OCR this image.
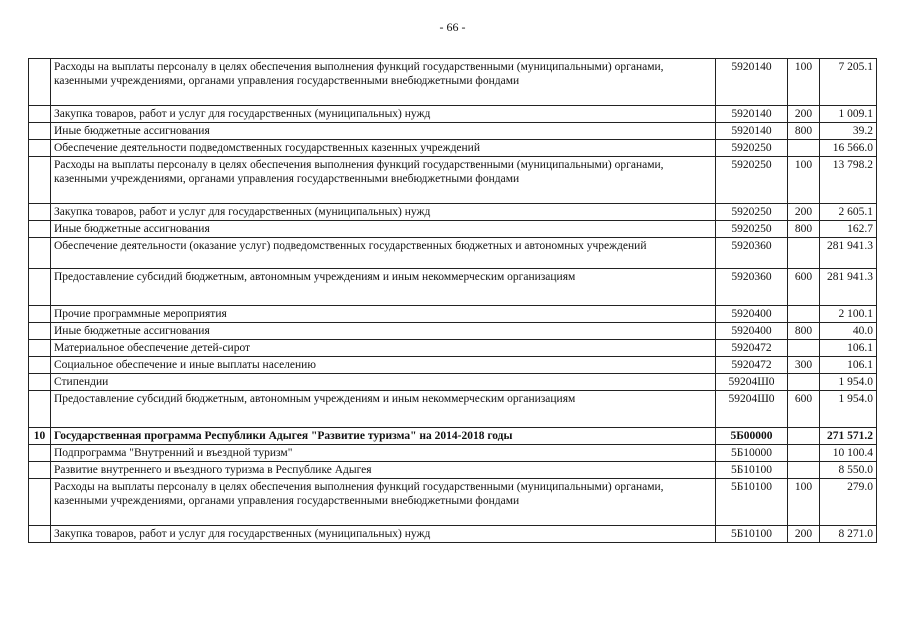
- 66 -
	Расходы на выплаты персоналу в целях обеспечения выполнения функций государственными (муниципальными) органами, казенными учреждениями, органами управления государственными внебюджетными фондами	5920140	100	7 205.1
	Закупка товаров, работ и услуг для государственных (муниципальных) нужд	5920140	200	1 009.1
	Иные бюджетные ассигнования	5920140	800	39.2
	Обеспечение деятельности подведомственных государственных казенных учреждений	5920250		16 566.0
	Расходы на выплаты персоналу в целях обеспечения выполнения функций государственными (муниципальными) органами, казенными учреждениями, органами управления государственными внебюджетными фондами	5920250	100	13 798.2
	Закупка товаров, работ и услуг для государственных (муниципальных) нужд	5920250	200	2 605.1
	Иные бюджетные ассигнования	5920250	800	162.7
	Обеспечение деятельности (оказание услуг) подведомственных государственных бюджетных и автономных учреждений	5920360		281 941.3
	Предоставление субсидий бюджетным, автономным учреждениям и иным некоммерческим организациям	5920360	600	281 941.3
	Прочие программные мероприятия	5920400		2 100.1
	Иные бюджетные ассигнования	5920400	800	40.0
	Материальное обеспечение детей-сирот	5920472		106.1
	Социальное обеспечение и иные выплаты населению	5920472	300	106.1
	Стипендии	59204Ш0		1 954.0
	Предоставление субсидий бюджетным, автономным учреждениям и иным некоммерческим организациям	59204Ш0	600	1 954.0
10	Государственная программа Республики Адыгея "Развитие туризма" на 2014-2018 годы	5Б00000		271 571.2
	Подпрограмма "Внутренний и въездной туризм"	5Б10000		10 100.4
	Развитие внутреннего и въездного туризма в Республике Адыгея	5Б10100		8 550.0
	Расходы на выплаты персоналу в целях обеспечения выполнения функций государственными (муниципальными) органами, казенными учреждениями, органами управления государственными внебюджетными фондами	5Б10100	100	279.0
	Закупка товаров, работ и услуг для государственных (муниципальных) нужд	5Б10100	200	8 271.0
